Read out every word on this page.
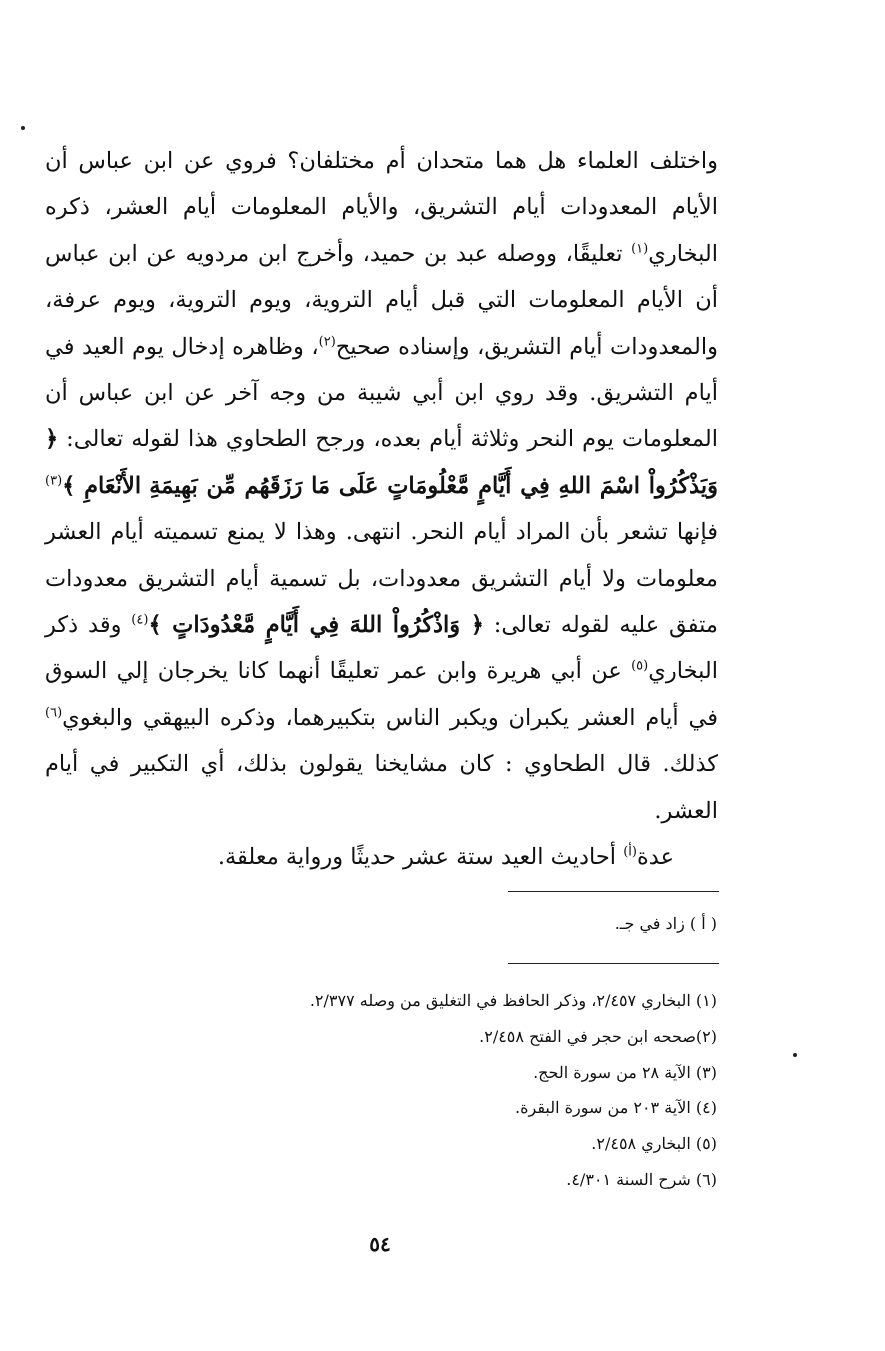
واختلف العلماء هل هما متحدان أم مختلفان؟ فروي عن ابن عباس أن الأيام المعدودات أيام التشريق، والأيام المعلومات أيام العشر، ذكره البخاري$^{(١)}$ تعليقًا، ووصله عبد بن حميد، وأخرج ابن مردويه عن ابن عباس أن الأيام المعلومات التي قبل أيام التروية، ويوم التروية، ويوم عرفة، والمعدودات أيام التشريق، وإسناده صحيح$^{(٢)}$، وظاهره إدخال يوم العيد في أيام التشريق. وقد روي ابن أبي شيبة من وجه آخر عن ابن عباس أن المعلومات يوم النحر وثلاثة أيام بعده، ورجح الطحاوي هذا لقوله تعالى: ﴿ وَيَذْكُرُواْ اسْمَ اللهِ فِي أَيَّامٍ مَّعْلُومَاتٍ عَلَى مَا رَزَقَهُم مِّن بَهِيمَةِ الأَنْعَامِ ﴾$^{(٣)}$ فإنها تشعر بأن المراد أيام النحر. انتهى. وهذا لا يمنع تسميته أيام العشر معلومات ولا أيام التشريق معدودات، بل تسمية أيام التشريق معدودات متفق عليه لقوله تعالى: ﴿ وَاذْكُرُواْ اللهَ فِي أَيَّامٍ مَّعْدُودَاتٍ ﴾$^{(٤)}$ وقد ذكر البخاري$^{(٥)}$ عن أبي هريرة وابن عمر تعليقًا أنهما كانا يخرجان إلي السوق في أيام العشر يكبران ويكبر الناس بتكبيرهما، وذكره البيهقي والبغوي$^{(٦)}$ كذلك. قال الطحاوي : كان مشايخنا يقولون بذلك، أي التكبير في أيام العشر.

عدة$^{(أ)}$ أحاديث العيد ستة عشر حديثًا ورواية معلقة.

( أ ) زاد في جـ.
(١) البخاري ٢/٤٥٧، وذكر الحافظ في التغليق من وصله ٢/٣٧٧.
(٢)صححه ابن حجر في الفتح ٢/٤٥٨.
(٣) الآية ٢٨ من سورة الحج.
(٤) الآية ٢٠٣ من سورة البقرة.
(٥) البخاري ٢/٤٥٨.
(٦) شرح السنة ٤/٣٠١.
٥٤
